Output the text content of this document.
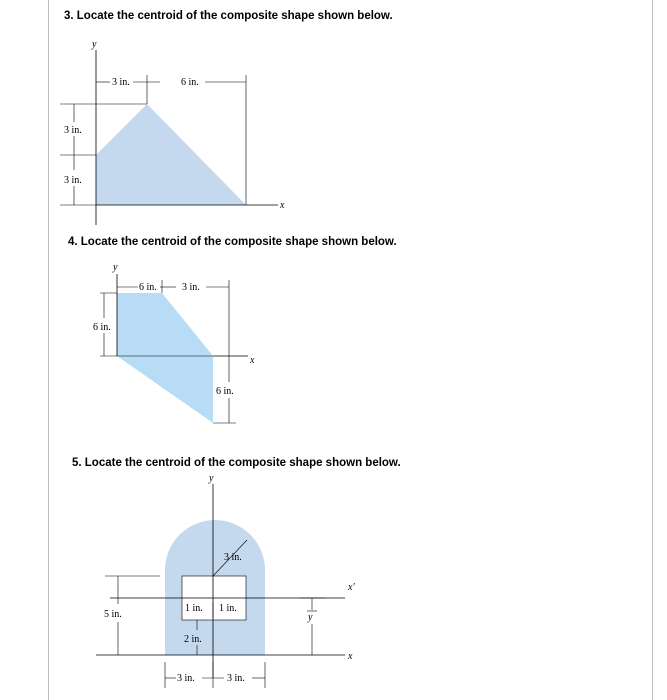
3. Locate the centroid of the composite shape shown below.
4. Locate the centroid of the composite shape shown below.
5. Locate the centroid of the composite shape shown below.
y
x
3 in.	6 in.
3 in.
3 in.
y
x
6 in.	3 in.
6 in.
6 in.
y
x
x′
3 in.
1 in. 1 in.
5 in.
2 in.
y
3 in.	3 in.
